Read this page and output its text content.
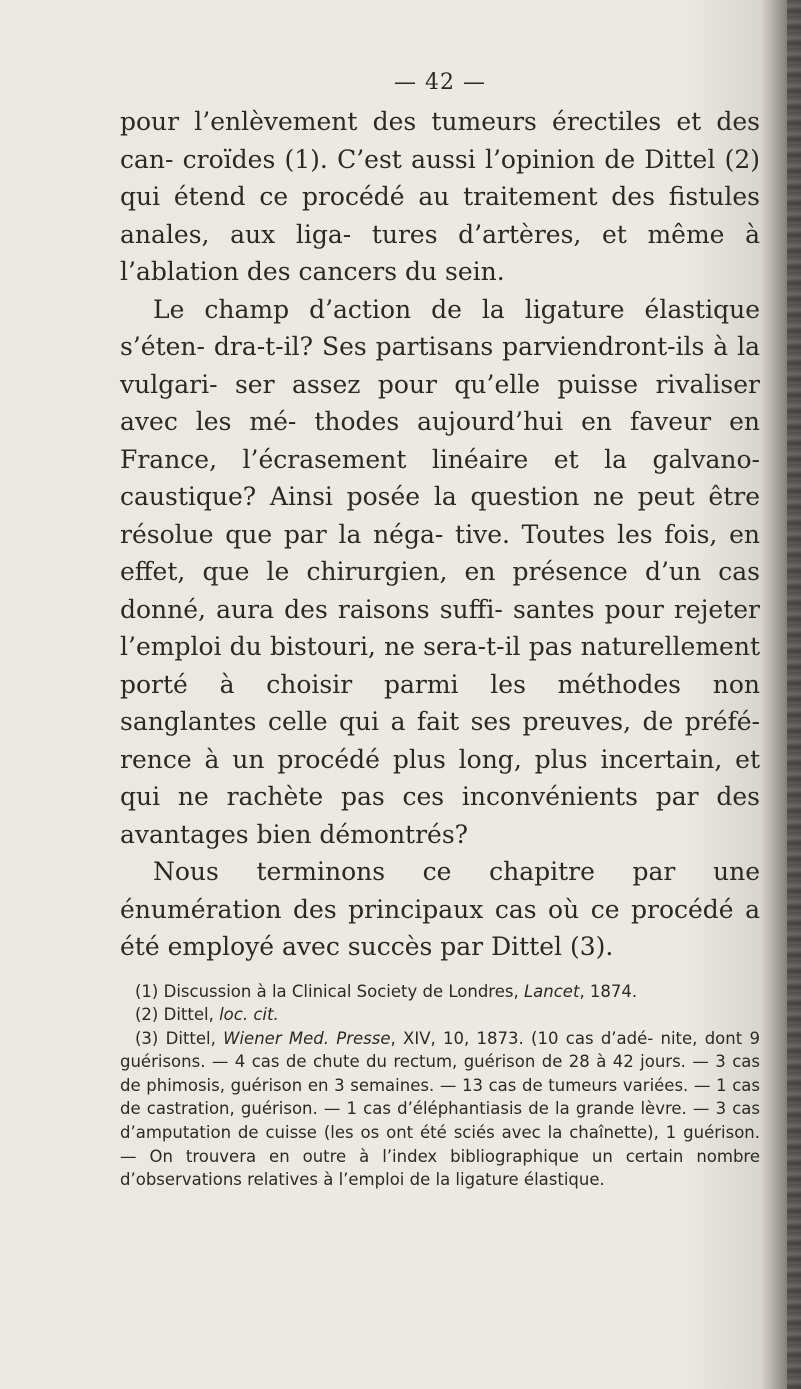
— 42 —

pour l’enlèvement des tumeurs érectiles et des can- croïdes (1). C’est aussi l’opinion de Dittel (2) qui étend ce procédé au traitement des fistules anales, aux liga- tures d’artères, et même à l’ablation des cancers du sein.

Le champ d’action de la ligature élastique s’éten- dra-t-il? Ses partisans parviendront-ils à la vulgari- ser assez pour qu’elle puisse rivaliser avec les mé- thodes aujourd’hui en faveur en France, l’écrasement linéaire et la galvano-caustique? Ainsi posée la question ne peut être résolue que par la néga- tive. Toutes les fois, en effet, que le chirurgien, en présence d’un cas donné, aura des raisons suffi- santes pour rejeter l’emploi du bistouri, ne sera-t-il pas naturellement porté à choisir parmi les méthodes non sanglantes celle qui a fait ses preuves, de préfé- rence à un procédé plus long, plus incertain, et qui ne rachète pas ces inconvénients par des avantages bien démontrés?

Nous terminons ce chapitre par une énumération des principaux cas où ce procédé a été employé avec succès par Dittel (3).

(1) Discussion à la Clinical Society de Londres, Lancet, 1874.

(2) Dittel, loc. cit.

(3) Dittel, Wiener Med. Presse, XIV, 10, 1873. (10 cas d’adé- nite, dont 9 guérisons. — 4 cas de chute du rectum, guérison de 28 à 42 jours. — 3 cas de phimosis, guérison en 3 semaines. — 13 cas de tumeurs variées. — 1 cas de castration, guérison. — 1 cas d’éléphantiasis de la grande lèvre. — 3 cas d’amputation de cuisse (les os ont été sciés avec la chaînette), 1 guérison. — On trouvera en outre à l’index bibliographique un certain nombre d’observations relatives à l’emploi de la ligature élastique.
